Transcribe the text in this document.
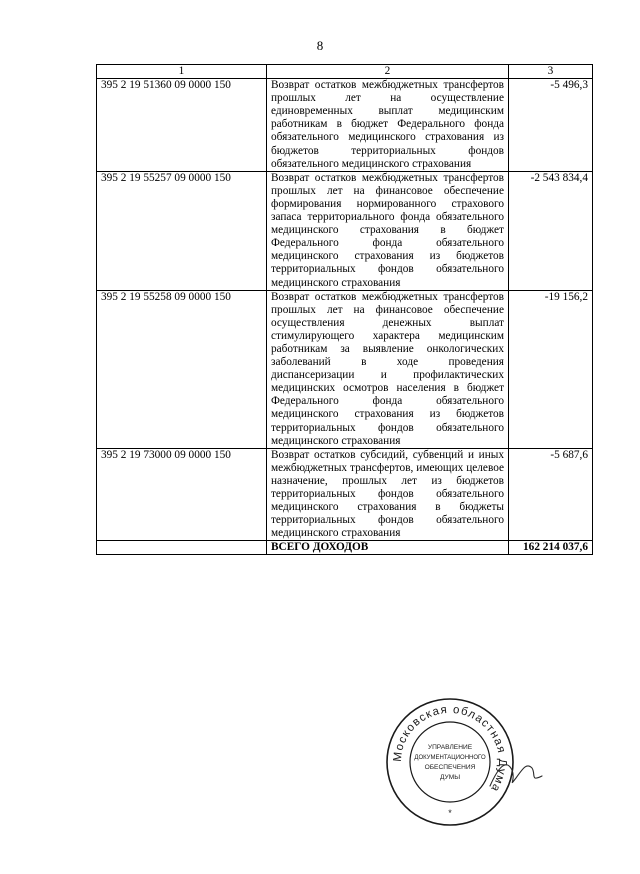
8
1	2	3
395 2 19 51360 09 0000 150	Возврат остатков межбюджетных трансфертов прошлых лет на осуществление единовременных выплат медицинским работникам в бюджет Федерального фонда обязательного медицинского страхования из бюджетов территориальных фондов обязательного медицинского страхования	-5 496,3
395 2 19 55257 09 0000 150	Возврат остатков межбюджетных трансфертов прошлых лет на финансовое обеспечение формирования нормированного страхового запаса территориального фонда обязательного медицинского страхования в бюджет Федерального фонда обязательного медицинского страхования из бюджетов территориальных фондов обязательного медицинского страхования	-2 543 834,4
395 2 19 55258 09 0000 150	Возврат остатков межбюджетных трансфертов прошлых лет на финансовое обеспечение осуществления денежных выплат стимулирующего характера медицинским работникам за выявление онкологических заболеваний в ходе проведения диспансеризации и профилактических медицинских осмотров населения в бюджет Федерального фонда обязательного медицинского страхования из бюджетов территориальных фондов обязательного медицинского страхования	-19 156,2
395 2 19 73000 09 0000 150	Возврат остатков субсидий, субвенций и иных межбюджетных трансфертов, имеющих целевое назначение, прошлых лет из бюджетов территориальных фондов обязательного медицинского страхования в бюджеты территориальных фондов обязательного медицинского страхования	-5 687,6
	ВСЕГО ДОХОДОВ	162 214 037,6
Московская областная Дума
УПРАВЛЕНИЕ
ДОКУМЕНТАЦИОННОГО
ОБЕСПЕЧЕНИЯ
ДУМЫ
*
